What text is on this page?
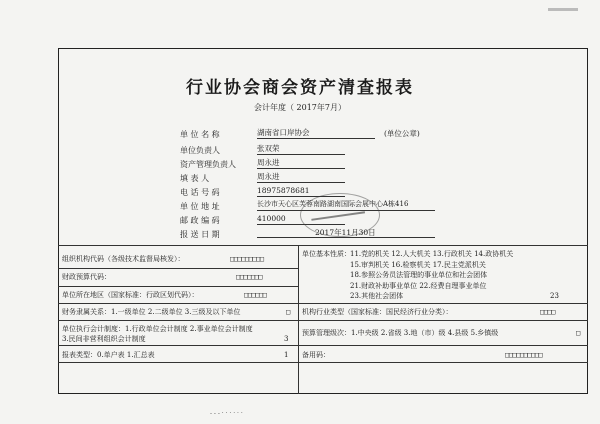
行业协会商会资产清查报表
会计年度（ 2017年7月）
单 位 名 称	湖南省口岸协会	(单位公章)
单位负责人	张双荣
资产管理负责人	周永进
填 表 人	周永进
电 话 号 码	18975878681
单 位 地 址	长沙市天心区芙蓉南路湖南国际会展中心A栋416
邮 政 编 码	410000
报 送 日 期	2017年11月30日
组织机构代码（各级技术监督局核发）：	□□□□□□□□□
财政预算代码：	□□□□□□□
单位所在地区（国家标准：行政区划代码）：	□□□□□□
财务隶属关系：1.一级单位 2.二级单位 3.三级及以下单位	□
单位执行会计制度：1.行政单位会计制度 2.事业单位会计制度
3.民间非营利组织会计制度	3
报表类型：0.单户表 1.汇总表	1
单位基本性质： 11.党的机关 12.人大机关 13.行政机关 14.政协机关
15.审判机关 16.检察机关 17.民主党派机关
18.参照公务员法管理的事业单位和社会团体
21.财政补助事业单位 22.经费自理事业单位
23.其他社会团体	23
机构行业类型（国家标准：国民经济行业分类）：	□□□□
预算管理级次：1.中央级 2.省级 3.地（市）级 4.县级 5.乡镇级	□
备用码：	□□□□□□□□□□
- - - · · · · · ·
